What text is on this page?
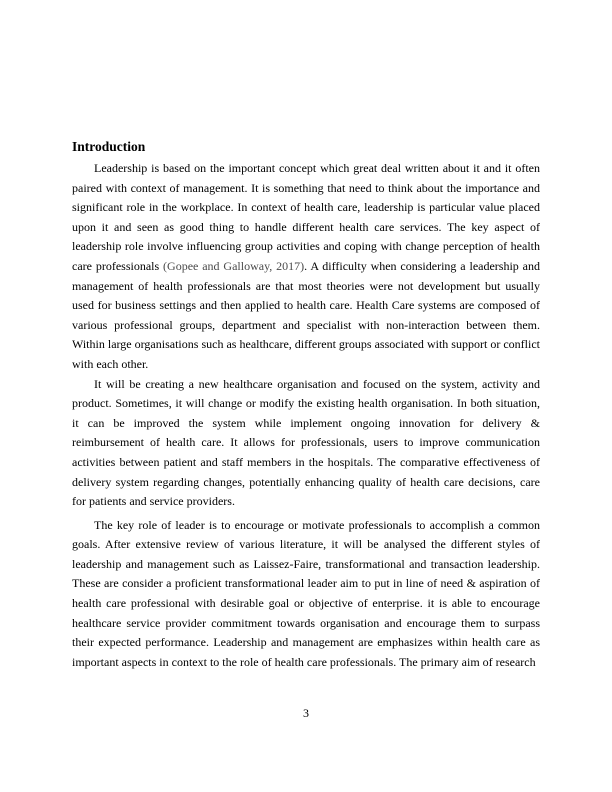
Introduction

Leadership is based on the important concept which great deal written about it and it often paired with context of management. It is something that need to think about the importance and significant role in the workplace. In context of health care, leadership is particular value placed upon it and seen as good thing to handle different health care services. The key aspect of leadership role involve influencing group activities and coping with change perception of health care professionals (Gopee and Galloway, 2017). A difficulty when considering a leadership and management of health professionals are that most theories were not development but usually used for business settings and then applied to health care. Health Care systems are composed of various professional groups, department and specialist with non-interaction between them. Within large organisations such as healthcare, different groups associated with support or conflict with each other.

It will be creating a new healthcare organisation and focused on the system, activity and product. Sometimes, it will change or modify the existing health organisation. In both situation, it can be improved the system while implement ongoing innovation for delivery & reimbursement of health care. It allows for professionals, users to improve communication activities between patient and staff members in the hospitals. The comparative effectiveness of delivery system regarding changes, potentially enhancing quality of health care decisions, care for patients and service providers.

The key role of leader is to encourage or motivate professionals to accomplish a common goals. After extensive review of various literature, it will be analysed the different styles of leadership and management such as Laissez-Faire, transformational and transaction leadership. These are consider a proficient transformational leader aim to put in line of need & aspiration of health care professional with desirable goal or objective of enterprise. it is able to encourage healthcare service provider commitment towards organisation and encourage them to surpass their expected performance. Leadership and management are emphasizes within health care as important aspects in context to the role of health care professionals. The primary aim of research

3
